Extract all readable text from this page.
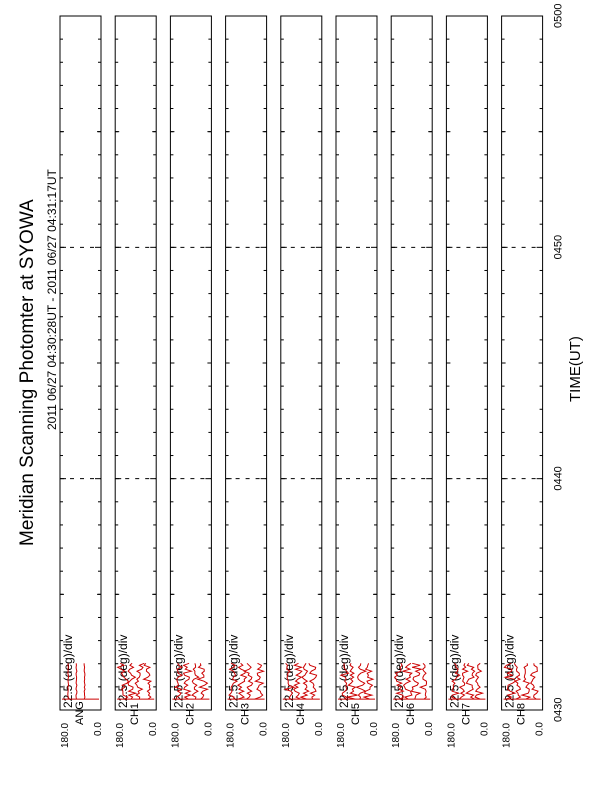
Meridian Scanning Photomter at SYOWA 2011 06/27 04:30:28UT - 2011 06/27 04:31:17UT	TIME(UT)
180.0 0.0
ANG
22.5 (deg)/div
180.0 0.0
CH1
22.5 (deg)/div
180.0 0.0
CH2
22.5 (deg)/div
180.0 0.0
CH3
22.5 (deg)/div
180.0 0.0
CH4
22.5 (deg)/div
180.0 0.0
CH5
22.5 (deg)/div
180.0 0.0
CH6
22.5 (deg)/div
180.0 0.0
CH7
22.5 (deg)/div
180.0 0.0
CH8
22.5 (deg)/div
0430
0440
0450
0500
